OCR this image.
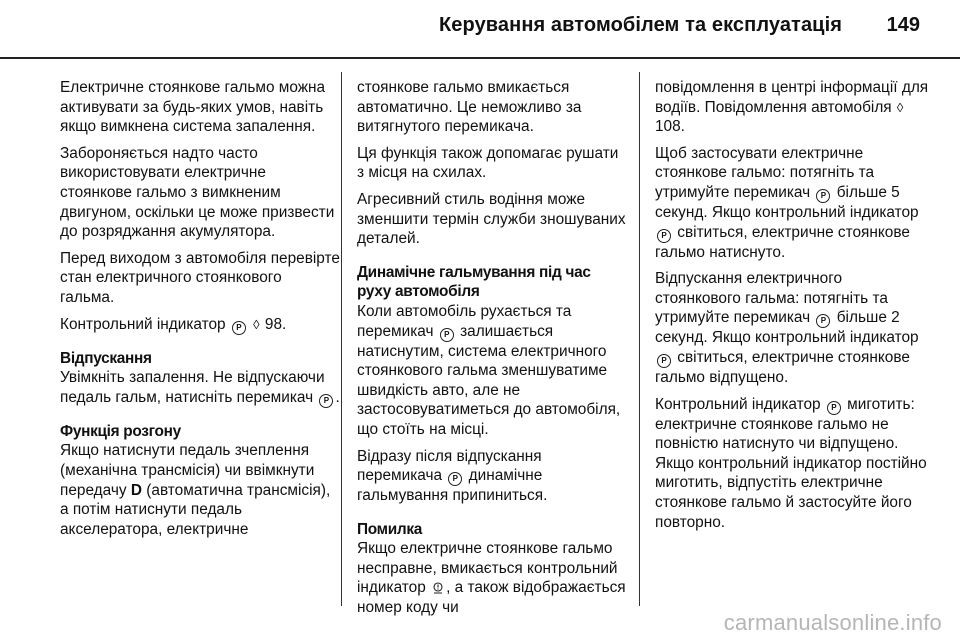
Керування автомобілем та експлуатація 149

Електричне стоянкове гальмо можна активувати за будь-яких умов, навіть якщо вимкнена система запалення.

Забороняється надто часто використовувати електричне стоянкове гальмо з вимкненим двигуном, оскільки це може призвести до розряджання акумулятора.

Перед виходом з автомобіля перевірте стан електричного стоянкового гальма.

Контрольний індикатор P ◊ 98.

Відпускання

Увімкніть запалення. Не відпускаючи педаль гальм, натисніть перемикач P .

Функція розгону

Якщо натиснути педаль зчеплення (механічна трансмісія) чи ввімкнути передачу D (автоматична трансмісія), а потім натиснути педаль акселератора, електричне

стоянкове гальмо вмикається автоматично. Це неможливо за витягнутого перемикача.

Ця функція також допомагає рушати з місця на схилах.

Агресивний стиль водіння може зменшити термін служби зношуваних деталей.

Динамічне гальмування під час руху автомобіля

Коли автомобіль рухається та перемикач P залишається натиснутим, система електричного стоянкового гальма зменшуватиме швидкість авто, але не застосовуватиметься до автомобіля, що стоїть на місці.

Відразу після відпускання перемикача P динамічне гальмування припиниться.

Помилка

Якщо електричне стоянкове гальмо несправне, вмикається контрольний індикатор , а також відображається номер коду чи

повідомлення в центрі інформації для водіїв. Повідомлення автомобіля ◊ 108.

Щоб застосувати електричне стоянкове гальмо: потягніть та утримуйте перемикач P більше 5 секунд. Якщо контрольний індикатор P світиться, електричне стоянкове гальмо натиснуто.

Відпускання електричного стоянкового гальма: потягніть та утримуйте перемикач P більше 2 секунд. Якщо контрольний індикатор P світиться, електричне стоянкове гальмо відпущено.

Контрольний індикатор P миготить: електричне стоянкове гальмо не повністю натиснуто чи відпущено. Якщо контрольний індикатор постійно миготить, відпустіть електричне стоянкове гальмо й застосуйте його повторно.

carmanualsonline.info
